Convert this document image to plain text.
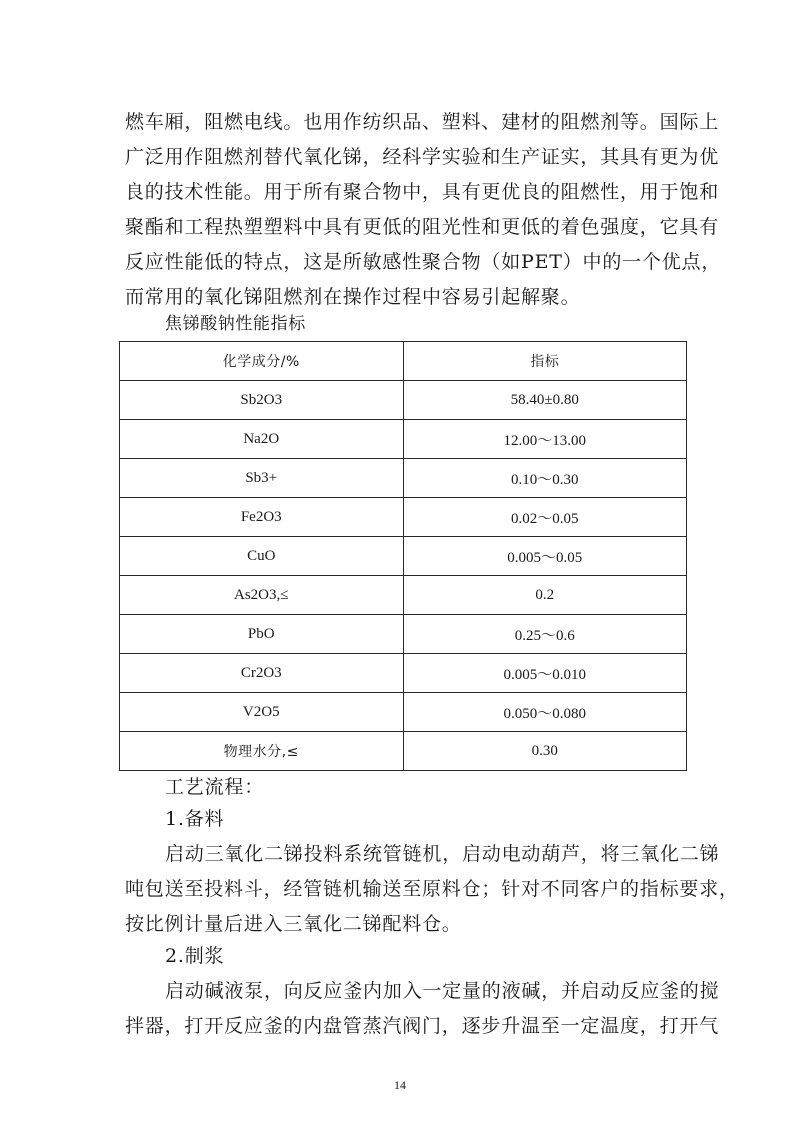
燃车厢，阻燃电线。也用作纺织品、塑料、建材的阻燃剂等。国际上
广泛用作阻燃剂替代氧化锑，经科学实验和生产证实，其具有更为优
良的技术性能。用于所有聚合物中，具有更优良的阻燃性，用于饱和
聚酯和工程热塑塑料中具有更低的阻光性和更低的着色强度，它具有
反应性能低的特点，这是所敏感性聚合物（如PET）中的一个优点，
而常用的氧化锑阻燃剂在操作过程中容易引起解聚。
焦锑酸钠性能指标
化学成分/%	指标
Sb2O3	58.40±0.80
Na2O	12.00～13.00
Sb3+	0.10～0.30
Fe2O3	0.02～0.05
CuO	0.005～0.05
As2O3,≤	0.2
PbO	0.25～0.6
Cr2O3	0.005～0.010
V2O5	0.050～0.080
物理水分,≤	0.30
工艺流程：
1.备料
启动三氧化二锑投料系统管链机，启动电动葫芦，将三氧化二锑
吨包送至投料斗，经管链机输送至原料仓；针对不同客户的指标要求，
按比例计量后进入三氧化二锑配料仓。
2.制浆
启动碱液泵，向反应釜内加入一定量的液碱，并启动反应釜的搅
拌器，打开反应釜的内盘管蒸汽阀门，逐步升温至一定温度，打开气
14
